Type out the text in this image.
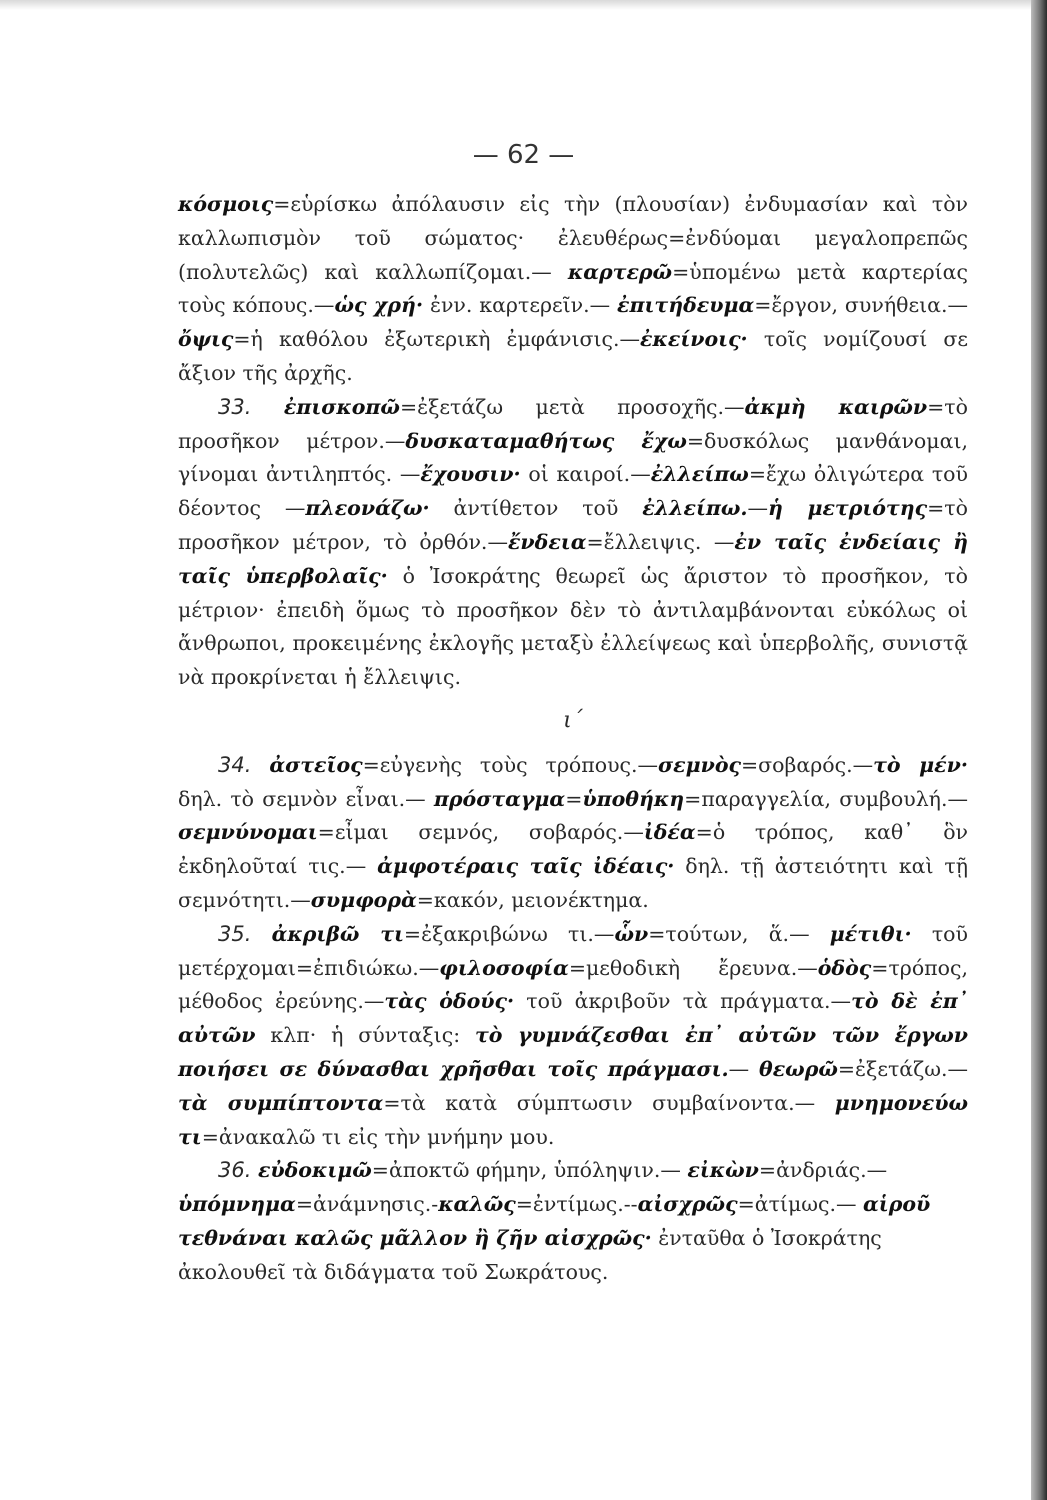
— 62 —

κόσμοις=εὑρίσκω ἀπόλαυσιν εἰς τὴν (πλουσίαν) ἐνδυμασίαν καὶ τὸν καλλωπισμὸν τοῦ σώματος· ἐλευθέρως=ἐνδύομαι μεγαλοπρεπῶς (πολυτελῶς) καὶ καλλωπίζομαι.— καρτερῶ=ὑπομένω μετὰ καρτερίας τοὺς κόπους.—ὡς χρή· ἐνν. καρτερεῖν.— ἐπιτήδευμα=ἔργον, συνήθεια.—ὄψις=ἡ καθόλου ἐξωτερικὴ ἐμφάνισις.—ἐκείνοις· τοῖς νομίζουσί σε ἄξιον τῆς ἀρχῆς.

33. ἐπισκοπῶ=ἐξετάζω μετὰ προσοχῆς.—ἀκμὴ καιρῶν=τὸ προσῆκον μέτρον.—δυσκαταμαθήτως ἔχω=δυσκόλως μανθάνομαι, γίνομαι ἀντιληπτός. —ἔχουσιν· οἱ καιροί.—ἐλλείπω=ἔχω ὀλιγώτερα τοῦ δέοντος —πλεονάζω· ἀντίθετον τοῦ ἐλλείπω.—ἡ μετριότης=τὸ προσῆκον μέτρον, τὸ ὀρθόν.—ἔνδεια=ἔλλειψις. —ἐν ταῖς ἐνδείαις ἢ ταῖς ὑπερβολαῖς· ὁ Ἰσοκράτης θεωρεῖ ὡς ἄριστον τὸ προσῆκον, τὸ μέτριον· ἐπειδὴ ὅμως τὸ προσῆκον δὲν τὸ ἀντιλαμβάνονται εὐκόλως οἱ ἄνθρωποι, προκειμένης ἐκλογῆς μεταξὺ ἐλλείψεως καὶ ὑπερβολῆς, συνιστᾷ νὰ προκρίνεται ἡ ἔλλειψις.

ι´

34. ἀστεῖος=εὐγενὴς τοὺς τρόπους.—σεμνὸς=σοβαρός.—τὸ μέν· δηλ. τὸ σεμνὸν εἶναι.— πρόσταγμα=ὑποθήκη=παραγγελία, συμβουλή.—σεμνύνομαι=εἶμαι σεμνός, σοβαρός.—ἰδέα=ὁ τρόπος, καθ᾽ ὃν ἐκδηλοῦταί τις.— ἀμφοτέραις ταῖς ἰδέαις· δηλ. τῇ ἀστειότητι καὶ τῇ σεμνότητι.—συμφορὰ=κακόν, μειονέκτημα.

35. ἀκριβῶ τι=ἐξακριβώνω τι.—ὧν=τούτων, ἅ.— μέτιθι· τοῦ μετέρχομαι=ἐπιδιώκω.—φιλοσοφία=μεθοδικὴ ἔρευνα.—ὁδὸς=τρόπος, μέθοδος ἐρεύνης.—τὰς ὁδούς· τοῦ ἀκριβοῦν τὰ πράγματα.—τὸ δὲ ἐπ᾽ αὐτῶν κλπ· ἡ σύνταξις: τὸ γυμνάζεσθαι ἐπ᾽ αὐτῶν τῶν ἔργων ποιήσει σε δύνασθαι χρῆσθαι τοῖς πράγμασι.— θεωρῶ=ἐξετάζω.— τὰ συμπίπτοντα=τὰ κατὰ σύμπτωσιν συμβαίνοντα.— μνημονεύω τι=ἀνακαλῶ τι εἰς τὴν μνήμην μου.

36. εὐδοκιμῶ=ἀποκτῶ φήμην, ὑπόληψιν.— εἰκὼν=ἀνδριάς.—ὑπόμνημα=ἀνάμνησις.-καλῶς=ἐντίμως.--αἰσχρῶς=ἀτίμως.— αἱροῦ τεθνάναι καλῶς μᾶλλον ἢ ζῆν αἰσχρῶς· ἐνταῦθα ὁ Ἰσοκράτης ἀκολουθεῖ τὰ διδάγματα τοῦ Σωκράτους.
